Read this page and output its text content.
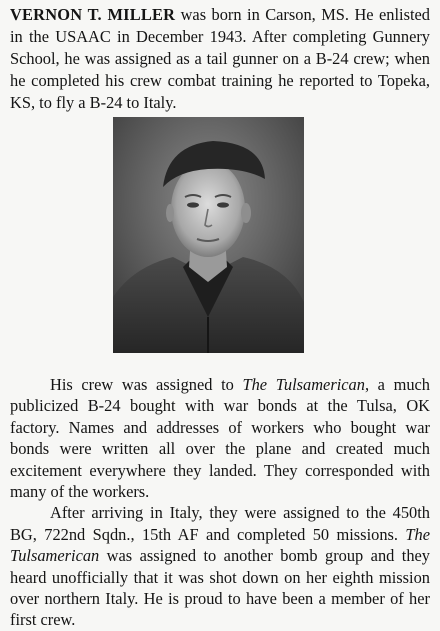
VERNON T. MILLER was born in Carson, MS. He enlisted in the USAAC in December 1943. After completing Gunnery School, he was assigned as a tail gunner on a B-24 crew; when he completed his crew combat training he reported to Topeka, KS, to fly a B-24 to Italy.

His crew was assigned to The Tulsamerican, a much publicized B-24 bought with war bonds at the Tulsa, OK factory. Names and addresses of workers who bought war bonds were written all over the plane and created much excitement everywhere they landed. They corresponded with many of the workers.

After arriving in Italy, they were assigned to the 450th BG, 722nd Sqdn., 15th AF and completed 50 missions. The Tulsamerican was assigned to another bomb group and they heard unofficially that it was shot down on her eighth mission over northern Italy. He is proud to have been a member of her first crew.
